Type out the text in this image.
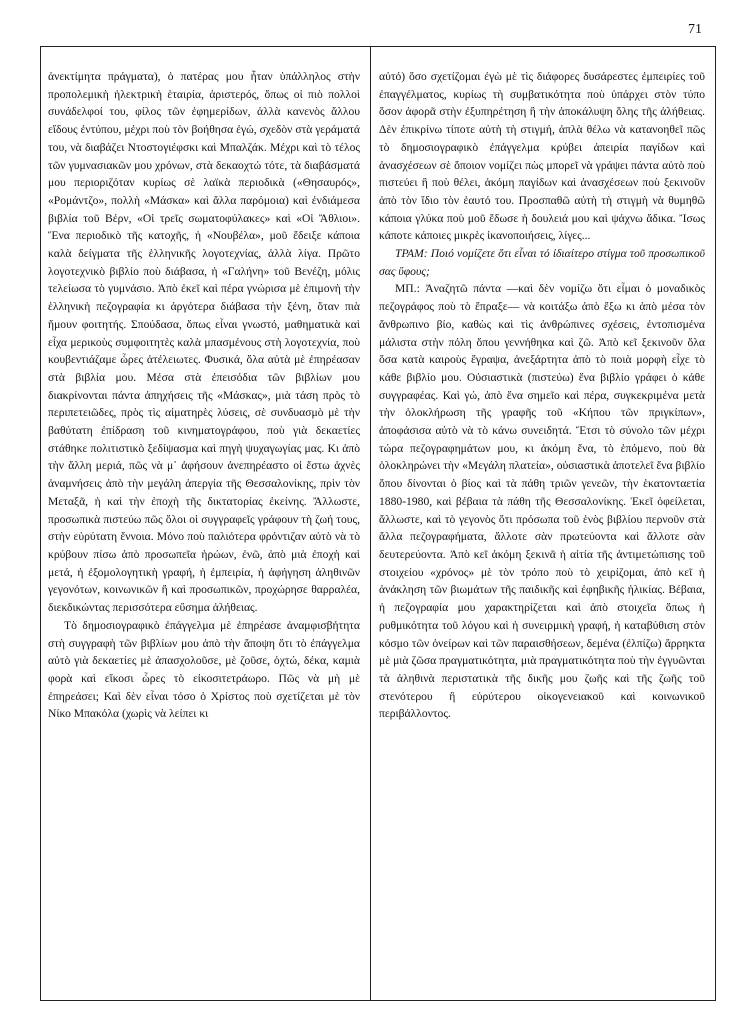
71

ἀνεκτίμητα πράγματα), ὁ πατέρας μου ἦταν ὑπάλληλος στὴν προπολεμικὴ ἠλεκτρικὴ ἑταιρία, ἀριστερός, ὅπως οἱ πιὸ πολλοὶ συνάδελφοί του, φίλος τῶν ἐφημερίδων, ἀλλὰ κανενὸς ἄλλου εἴδους ἐντύπου, μέχρι ποὺ τὸν βοήθησα ἐγώ, σχεδὸν στὰ γεράματά του, νὰ διαβάζει Ντοστογιέφσκι καὶ Μπαλζάκ. Μέχρι καὶ τὸ τέλος τῶν γυμνασιακῶν μου χρόνων, στὰ δεκαοχτώ τότε, τὰ διαβάσματά μου περιοριζόταν κυρίως σὲ λαϊκὰ περιοδικὰ («Θησαυρός», «Ρομάντζο», πολλὴ «Μάσκα» καὶ ἄλλα παρόμοια) καὶ ἐνδιάμεσα βιβλία τοῦ Βέρν, «Οἱ τρεῖς σωματοφύλακες» καὶ «Οἱ Ἄθλιοι». Ἕνα περιοδικὸ τῆς κατοχῆς, ἡ «Νουβέλα», μοῦ ἔδειξε κάποια καλὰ δείγματα τῆς ἑλληνικῆς λογοτεχνίας, ἀλλὰ λίγα. Πρῶτο λογοτεχνικὸ βιβλίο ποὺ διάβασα, ἡ «Γαλήνη» τοῦ Βενέζη, μόλις τελείωσα τὸ γυμνάσιο. Ἀπὸ ἐκεῖ καὶ πέρα γνώρισα μὲ ἐπιμονὴ τὴν ἑλληνικὴ πεζογραφία κι ἀργότερα διάβασα τὴν ξένη, ὅταν πιὰ ἤμουν φοιτητής. Σπούδασα, ὅπως εἶναι γνωστό, μαθηματικὰ καὶ εἶχα μερικοὺς συμφοιτητὲς καλὰ μπασμένους στὴ λογοτεχνία, ποὺ κουβεντιάζαμε ὧρες ἀτέλειωτες. Φυσικά, ὅλα αὐτὰ μὲ ἐπηρέασαν στὰ βιβλία μου. Μέσα στὰ ἐπεισόδια τῶν βιβλίων μου διακρίνονται πάντα ἀπηχήσεις τῆς «Μάσκας», μιὰ τάση πρὸς τὸ περιπετειῶδες, πρὸς τὶς αἱματηρὲς λύσεις, σὲ συνδυασμὸ μὲ τὴν βαθύτατη ἐπίδραση τοῦ κινηματογράφου, ποὺ γιὰ δεκαετίες στάθηκε πολιτιστικὸ ξεδίψασμα καὶ πηγὴ ψυχαγωγίας μας. Κι ἀπὸ τὴν ἄλλη μεριά, πῶς νὰ μ᾽ ἀφήσουν ἀνεπηρέαστο οἱ ἔστω ἀχνὲς ἀναμνήσεις ἀπὸ τὴν μεγάλη ἀπεργία τῆς Θεσσαλονίκης, πρὶν τὸν Μεταξᾶ, ἡ καὶ τὴν ἐποχὴ τῆς δικτατορίας ἐκείνης. Ἄλλωστε, προσωπικὰ πιστεύω πῶς ὅλοι οἱ συγγραφεῖς γράφουν τὴ ζωή τους, στὴν εὐρύτατη ἔννοια. Μόνο ποὺ παλιότερα φρόντιζαν αὐτὸ νὰ τὸ κρύβουν πίσω ἀπὸ προσωπεῖα ἡρώων, ἐνῶ, ἀπὸ μιὰ ἐποχὴ καὶ μετά, ἡ ἐξομολογητικὴ γραφή, ἡ ἐμπειρία, ἡ ἀφήγηση ἀληθινῶν γεγονότων, κοινωνικῶν ἢ καὶ προσωπικῶν, προχώρησε θαρραλέα, διεκδικώντας περισσότερα εὔσημα ἀλήθειας.

Τὸ δημοσιογραφικὸ ἐπάγγελμα μὲ ἐπηρέασε ἀναμφισβήτητα στὴ συγγραφὴ τῶν βιβλίων μου ἀπὸ τὴν ἄποψη ὅτι τὸ ἐπάγγελμα αὐτὸ γιὰ δεκαετίες μὲ ἀπασχολοῦσε, μὲ ζοῦσε, ὀχτώ, δέκα, καμιὰ φορὰ καὶ εἴκοσι ὧρες τὸ εἰκοσιτετράωρο. Πῶς νὰ μὴ μὲ ἐπηρεάσει; Καὶ δὲν εἶναι τόσο ὁ Χρίστος ποὺ σχετίζεται μὲ τὸν Νίκο Μπακόλα (χωρὶς νὰ λείπει κι

αὐτό) ὅσο σχετίζομαι ἐγὼ μὲ τὶς διάφορες δυσάρεστες ἐμπειρίες τοῦ ἐπαγγέλματος, κυρίως τὴ συμβατικότητα ποὺ ὑπάρχει στὸν τύπο ὅσον ἀφορᾶ στὴν ἐξυπηρέτηση ἢ τὴν ἀποκάλυψη ὅλης τῆς ἀλήθειας. Δὲν ἐπικρίνω τίποτε αὐτὴ τὴ στιγμή, ἁπλὰ θέλω νὰ κατανοηθεῖ πῶς τὸ δημοσιογραφικὸ ἐπάγγελμα κρύβει ἀπειρία παγίδων καὶ ἀνασχέσεων σὲ ὅποιον νομίζει πὼς μπορεῖ νὰ γράψει πάντα αὐτὸ ποὺ πιστεύει ἢ ποὺ θέλει, ἀκόμη παγίδων καὶ ἀνασχέσεων ποὺ ξεκινοῦν ἀπὸ τὸν ἴδιο τὸν ἑαυτό του. Προσπαθῶ αὐτὴ τὴ στιγμὴ νὰ θυμηθῶ κάποια γλύκα ποὺ μοῦ ἔδωσε ἡ δουλειά μου καὶ ψάχνω ἄδικα. Ἴσως κάποτε κάποιες μικρὲς ἱκανοποιήσεις, λίγες...

ΤΡΑΜ: Ποιό νομίζετε ὅτι εἶναι τό ἰδιαίτερο στίγμα τοῦ προσωπικοῦ σας ὕφους;

ΜΠ.: Ἀναζητῶ πάντα —καὶ δὲν νομίζω ὅτι εἶμαι ὁ μοναδικὸς πεζογράφος ποὺ τὸ ἔπραξε— νὰ κοιτάξω ἀπὸ ἔξω κι ἀπὸ μέσα τὸν ἄνθρωπινο βίο, καθὼς καὶ τὶς ἀνθρώπινες σχέσεις, ἐντοπισμένα μάλιστα στὴν πόλη ὅπου γεννήθηκα καὶ ζῶ. Ἀπὸ κεῖ ξεκινοῦν ὅλα ὅσα κατὰ καιροὺς ἔγραψα, ἀνεξάρτητα ἀπὸ τὸ ποιὰ μορφὴ εἶχε τὸ κάθε βιβλίο μου. Οὐσιαστικὰ (πιστεύω) ἕνα βιβλίο γράφει ὁ κάθε συγγραφέας. Καὶ γώ, ἀπὸ ἕνα σημεῖο καὶ πέρα, συγκεκριμένα μετὰ τὴν ὁλοκλήρωση τῆς γραφῆς τοῦ «Κήπου τῶν πριγκίπων», ἀποφάσισα αὐτὸ νὰ τὸ κάνω συνειδητά. Ἔτσι τὸ σύνολο τῶν μέχρι τώρα πεζογραφημάτων μου, κι ἀκόμη ἕνα, τὸ ἑπόμενο, ποὺ θὰ ὁλοκληρώνει τὴν «Μεγάλη πλατεία», οὐσιαστικὰ ἀποτελεῖ ἕνα βιβλίο ὅπου δίνονται ὁ βίος καὶ τὰ πάθη τριῶν γενεῶν, τὴν ἑκατονταετία 1880-1980, καὶ βέβαια τὰ πάθη τῆς Θεσσαλονίκης. Ἐκεῖ ὀφείλεται, ἄλλωστε, καὶ τὸ γεγονὸς ὅτι πρόσωπα τοῦ ἑνὸς βιβλίου περνοῦν στὰ ἄλλα πεζογραφήματα, ἄλλοτε σὰν πρωτεύοντα καὶ ἄλλοτε σὰν δευτερεύοντα. Ἀπὸ κεῖ ἀκόμη ξεκινᾶ ἡ αἰτία τῆς ἀντιμετώπισης τοῦ στοιχείου «χρόνος» μὲ τὸν τρόπο ποὺ τὸ χειρίζομαι, ἀπὸ κεῖ ἡ ἀνάκληση τῶν βιωμάτων τῆς παιδικῆς καὶ ἐφηβικῆς ἡλικίας. Βέβαια, ἡ πεζογραφία μου χαρακτηρίζεται καὶ ἀπὸ στοιχεῖα ὅπως ἡ ρυθμικότητα τοῦ λόγου καὶ ἡ συνειρμικὴ γραφή, ἡ καταβύθιση στὸν κόσμο τῶν ὀνείρων καὶ τῶν παραισθήσεων, δεμένα (ἐλπίζω) ἄρρηκτα μὲ μιὰ ζῶσα πραγματικότητα, μιὰ πραγματικότητα ποὺ τὴν ἐγγυῶνται τὰ ἀληθινὰ περιστατικὰ τῆς δικῆς μου ζωῆς καὶ τῆς ζωῆς τοῦ στενότερου ἢ εὐρύτερου οἰκογενειακοῦ καὶ κοινωνικοῦ περιβάλλοντος.
